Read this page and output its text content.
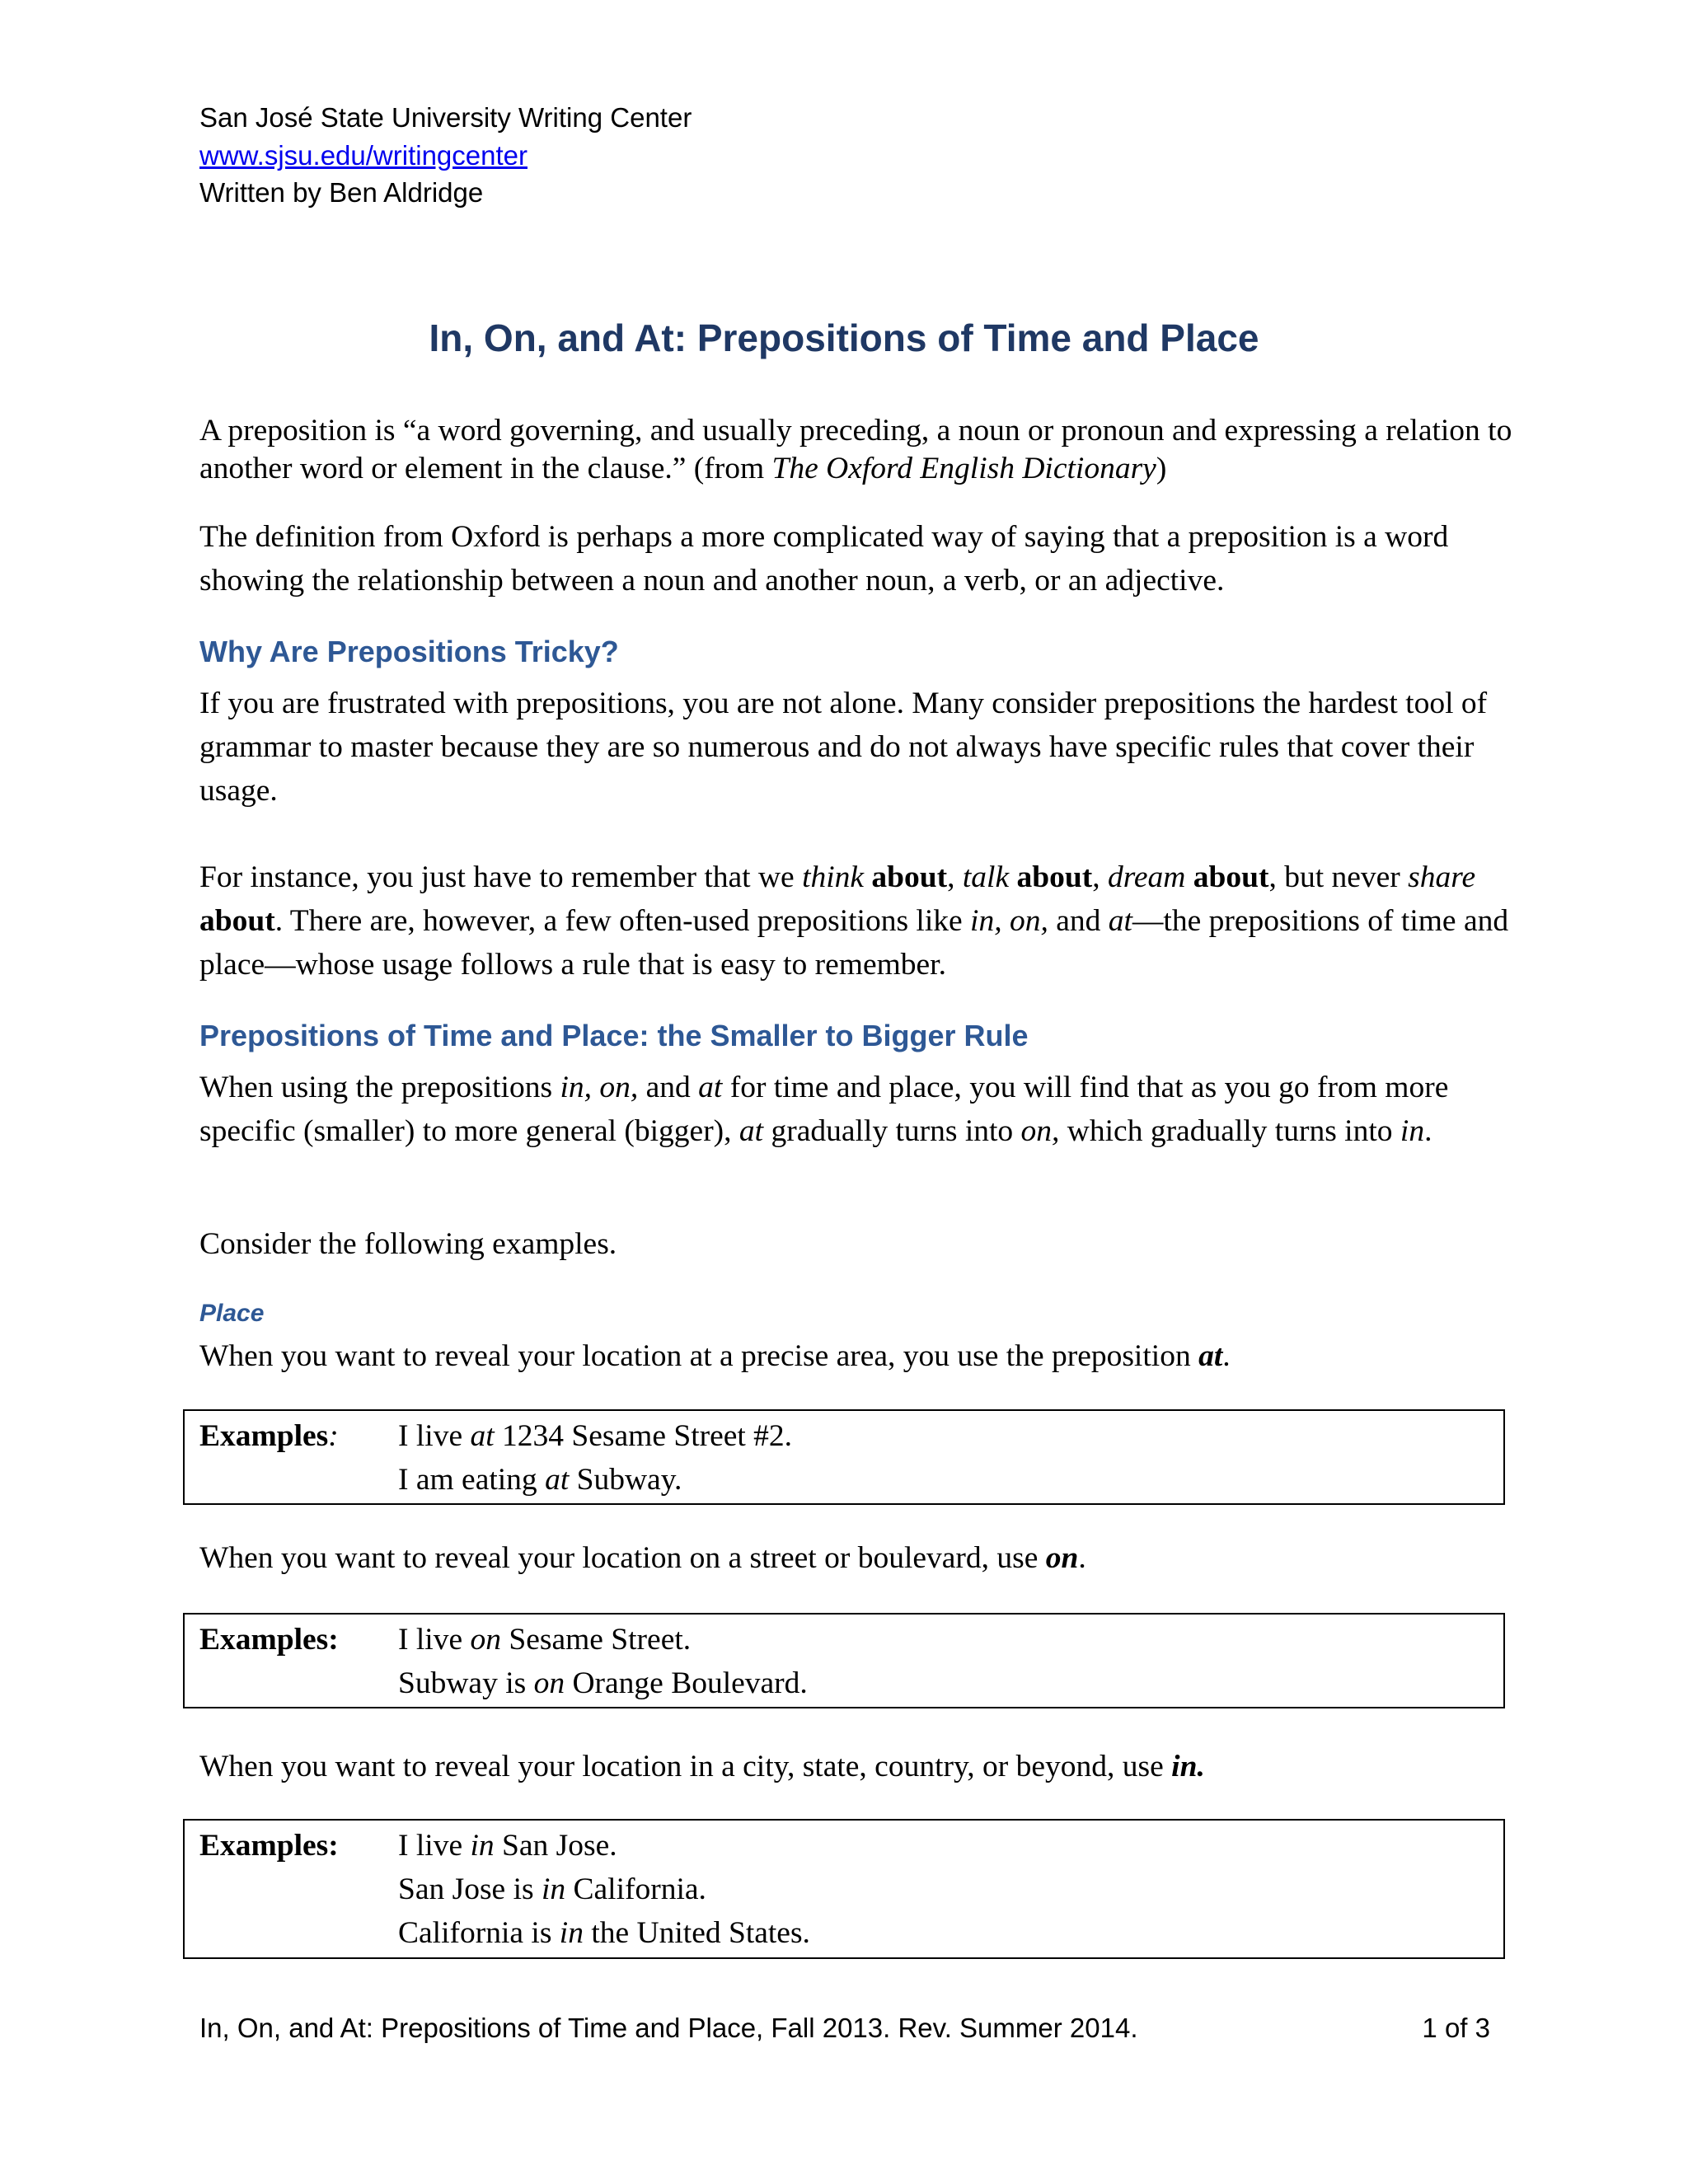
San José State University Writing Center
www.sjsu.edu/writingcenter
Written by Ben Aldridge
In, On, and At: Prepositions of Time and Place
A preposition is “a word governing, and usually preceding, a noun or pronoun and expressing a relation to another word or element in the clause.” (from The Oxford English Dictionary)
The definition from Oxford is perhaps a more complicated way of saying that a preposition is a word showing the relationship between a noun and another noun, a verb, or an adjective.
Why Are Prepositions Tricky?
If you are frustrated with prepositions, you are not alone. Many consider prepositions the hardest tool of grammar to master because they are so numerous and do not always have specific rules that cover their usage.
For instance, you just have to remember that we think about, talk about, dream about, but never share about. There are, however, a few often-used prepositions like in, on, and at—the prepositions of time and place—whose usage follows a rule that is easy to remember.
Prepositions of Time and Place: the Smaller to Bigger Rule
When using the prepositions in, on, and at for time and place, you will find that as you go from more specific (smaller) to more general (bigger), at gradually turns into on, which gradually turns into in.
Consider the following examples.
Place
When you want to reveal your location at a precise area, you use the preposition at.
Examples: I live at 1234 Sesame Street #2.
I am eating at Subway.
When you want to reveal your location on a street or boulevard, use on.
Examples: I live on Sesame Street.
Subway is on Orange Boulevard.
When you want to reveal your location in a city, state, country, or beyond, use in.
Examples: I live in San Jose.
San Jose is in California.
California is in the United States.
In, On, and At: Prepositions of Time and Place, Fall 2013. Rev. Summer 2014.	1 of 3
